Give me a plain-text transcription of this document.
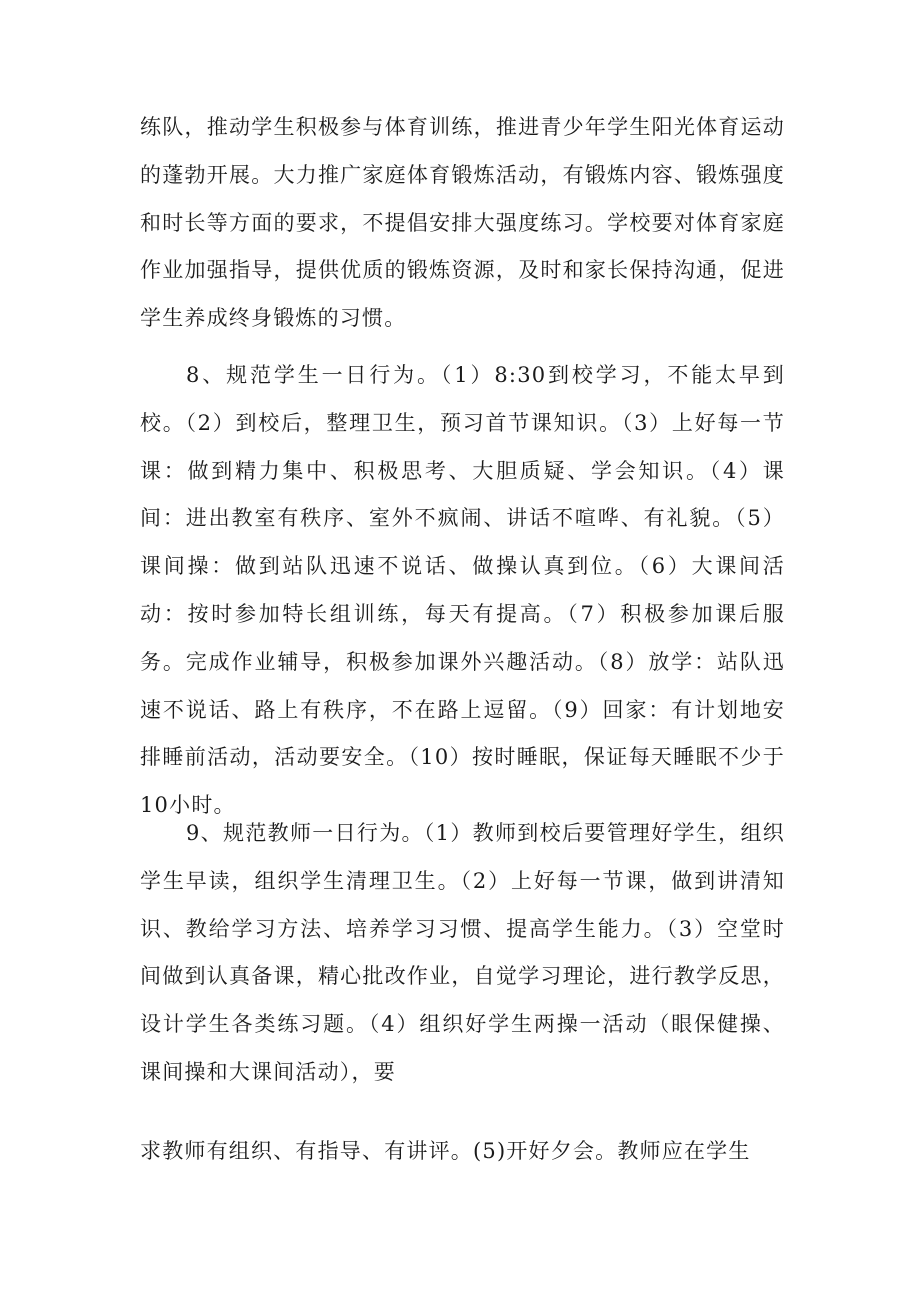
练队，推动学生积极参与体育训练，推进青少年学生阳光体育运动的蓬勃开展。大力推广家庭体育锻炼活动，有锻炼内容、锻炼强度和时长等方面的要求，不提倡安排大强度练习。学校要对体育家庭作业加强指导，提供优质的锻炼资源，及时和家长保持沟通，促进学生养成终身锻炼的习惯。

8、规范学生一日行为。（1）8:30到校学习，不能太早到校。（2）到校后，整理卫生，预习首节课知识。（3）上好每一节课：做到精力集中、积极思考、大胆质疑、学会知识。（4）课间：进出教室有秩序、室外不疯闹、讲话不喧哗、有礼貌。（5）课间操：做到站队迅速不说话、做操认真到位。（6）大课间活动：按时参加特长组训练，每天有提高。（7）积极参加课后服务。完成作业辅导，积极参加课外兴趣活动。（8）放学：站队迅速不说话、路上有秩序，不在路上逗留。（9）回家：有计划地安排睡前活动，活动要安全。（10）按时睡眠，保证每天睡眠不少于10小时。

9、规范教师一日行为。（1）教师到校后要管理好学生，组织学生早读，组织学生清理卫生。（2）上好每一节课，做到讲清知识、教给学习方法、培养学习习惯、提高学生能力。（3）空堂时间做到认真备课，精心批改作业，自觉学习理论，进行教学反思，设计学生各类练习题。（4）组织好学生两操一活动（眼保健操、课间操和大课间活动），要

求教师有组织、有指导、有讲评。(5)开好夕会。教师应在学生
